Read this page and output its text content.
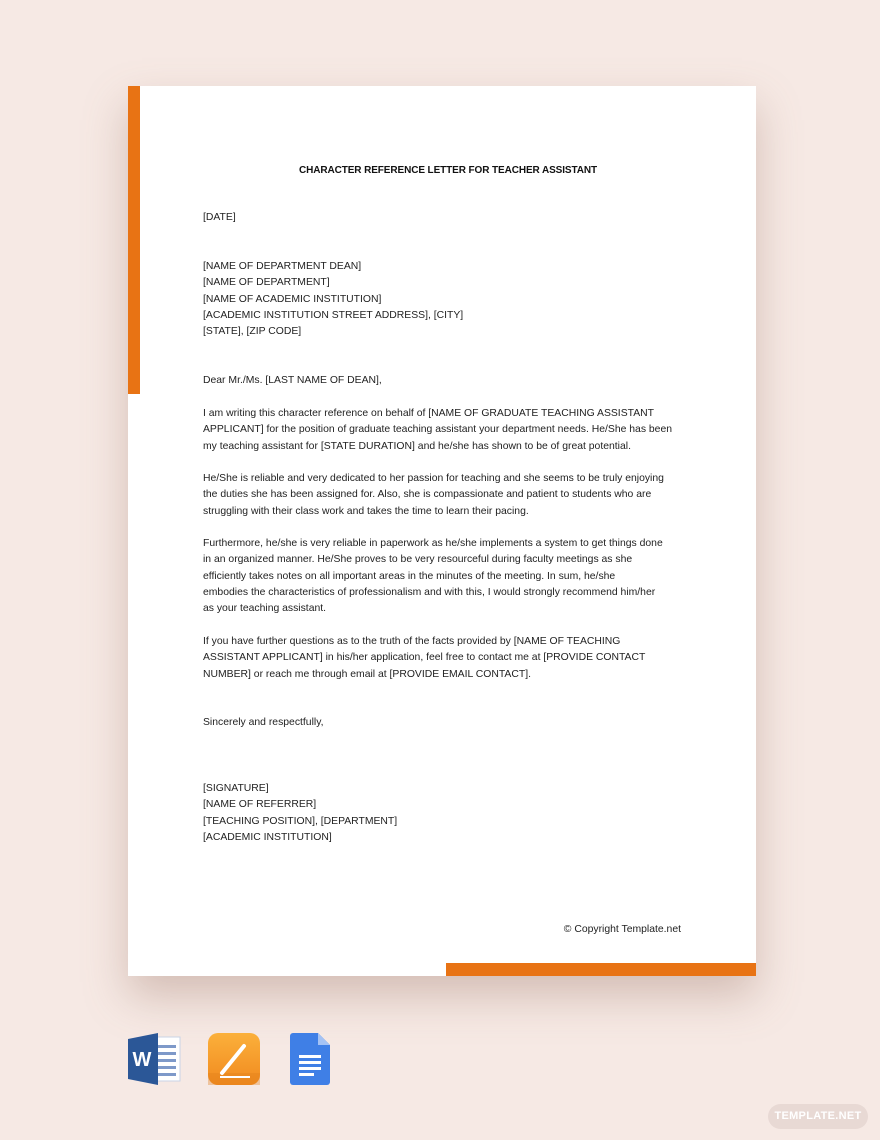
CHARACTER REFERENCE LETTER FOR TEACHER ASSISTANT
[DATE]
[NAME OF DEPARTMENT DEAN]
[NAME OF DEPARTMENT]
[NAME OF ACADEMIC INSTITUTION]
[ACADEMIC INSTITUTION STREET ADDRESS], [CITY]
[STATE], [ZIP CODE]
Dear Mr./Ms. [LAST NAME OF DEAN],
I am writing this character reference on behalf of [NAME OF GRADUATE TEACHING ASSISTANT
APPLICANT] for the position of graduate teaching assistant your department needs. He/She has been
my teaching assistant for [STATE DURATION] and he/she has shown to be of great potential.
He/She is reliable and very dedicated to her passion for teaching and she seems to be truly enjoying
the duties she has been assigned for. Also, she is compassionate and patient to students who are
struggling with their class work and takes the time to learn their pacing.
Furthermore, he/she is very reliable in paperwork as he/she implements a system to get things done
in an organized manner. He/She proves to be very resourceful during faculty meetings as she
efficiently takes notes on all important areas in the minutes of the meeting. In sum, he/she
embodies the characteristics of professionalism and with this, I would strongly recommend him/her
as your teaching assistant.
If you have further questions as to the truth of the facts provided by [NAME OF TEACHING
ASSISTANT APPLICANT] in his/her application, feel free to contact me at [PROVIDE CONTACT
NUMBER] or reach me through email at [PROVIDE EMAIL CONTACT].
Sincerely and respectfully,
[SIGNATURE]
[NAME OF REFERRER]
[TEACHING POSITION], [DEPARTMENT]
[ACADEMIC INSTITUTION]
© Copyright Template.net
W
TEMPLATE.NET
